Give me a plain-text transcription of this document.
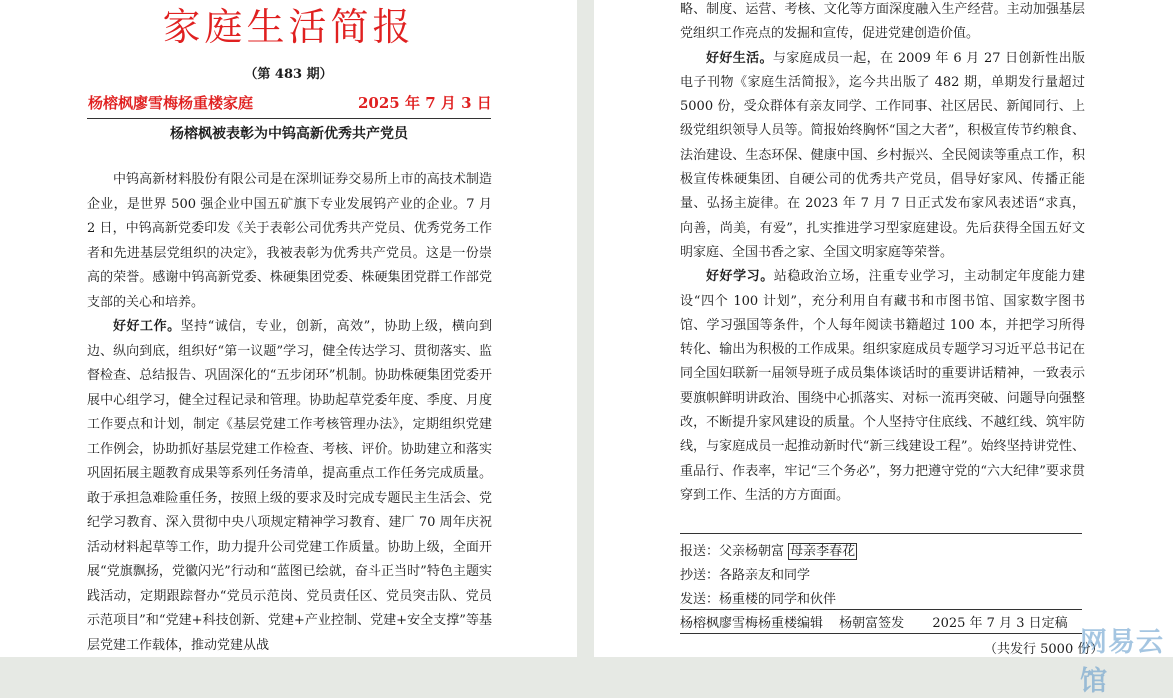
家庭生活简报
（第 483 期）
杨榕枫廖雪梅杨重楼家庭	2025 年 7 月 3 日
杨榕枫被表彰为中钨高新优秀共产党员

中钨高新材料股份有限公司是在深圳证券交易所上市的高技术制造企业，是世界 500 强企业中国五矿旗下专业发展钨产业的企业。7 月 2 日，中钨高新党委印发《关于表彰公司优秀共产党员、优秀党务工作者和先进基层党组织的决定》，我被表彰为优秀共产党员。这是一份崇高的荣誉。感谢中钨高新党委、株硬集团党委、株硬集团党群工作部党支部的关心和培养。

好好工作。坚持“诚信，专业，创新，高效”，协助上级，横向到边、纵向到底，组织好“第一议题”学习，健全传达学习、贯彻落实、监督检查、总结报告、巩固深化的“五步闭环”机制。协助株硬集团党委开展中心组学习，健全过程记录和管理。协助起草党委年度、季度、月度工作要点和计划，制定《基层党建工作考核管理办法》，定期组织党建工作例会，协助抓好基层党建工作检查、考核、评价。协助建立和落实巩固拓展主题教育成果等系列任务清单，提高重点工作任务完成质量。敢于承担急难险重任务，按照上级的要求及时完成专题民主生活会、党纪学习教育、深入贯彻中央八项规定精神学习教育、建厂 70 周年庆祝活动材料起草等工作，助力提升公司党建工作质量。协助上级，全面开展“党旗飘扬，党徽闪光”行动和“蓝图已绘就，奋斗正当时”特色主题实践活动，定期跟踪督办“党员示范岗、党员责任区、党员突击队、党员示范项目”和“党建+科技创新、党建+产业控制、党建+安全支撑”等基层党建工作载体，推动党建从战

略、制度、运营、考核、文化等方面深度融入生产经营。主动加强基层党组织工作亮点的发掘和宣传，促进党建创造价值。

好好生活。与家庭成员一起，在 2009 年 6 月 27 日创新性出版电子刊物《家庭生活简报》，迄今共出版了 482 期，单期发行量超过 5000 份，受众群体有亲友同学、工作同事、社区居民、新闻同行、上级党组织领导人员等。简报始终胸怀“国之大者”，积极宣传节约粮食、法治建设、生态环保、健康中国、乡村振兴、全民阅读等重点工作，积极宣传株硬集团、自硬公司的优秀共产党员，倡导好家风、传播正能量、弘扬主旋律。在 2023 年 7 月 7 日正式发布家风表述语“求真，向善，尚美，有爱”，扎实推进学习型家庭建设。先后获得全国五好文明家庭、全国书香之家、全国文明家庭等荣誉。

好好学习。站稳政治立场，注重专业学习，主动制定年度能力建设“四个 100 计划”，充分利用自有藏书和市图书馆、国家数字图书馆、学习强国等条件，个人每年阅读书籍超过 100 本，并把学习所得转化、输出为积极的工作成果。组织家庭成员专题学习习近平总书记在同全国妇联新一届领导班子成员集体谈话时的重要讲话精神，一致表示要旗帜鲜明讲政治、围绕中心抓落实、对标一流再突破、问题导向强整改，不断提升家风建设的质量。个人坚持守住底线、不越红线、筑牢防线，与家庭成员一起推动新时代“新三线建设工程”。始终坚持讲党性、重品行、作表率，牢记“三个务必”，努力把遵守党的“六大纪律”要求贯穿到工作、生活的方方面面。

报送：父亲杨朝富 母亲李春花
抄送：各路亲友和同学
发送：杨重楼的同学和伙伴
杨榕枫廖雪梅杨重楼编辑 杨朝富签发 2025 年 7 月 3 日定稿
（共发行 5000 份）
网易云馆
